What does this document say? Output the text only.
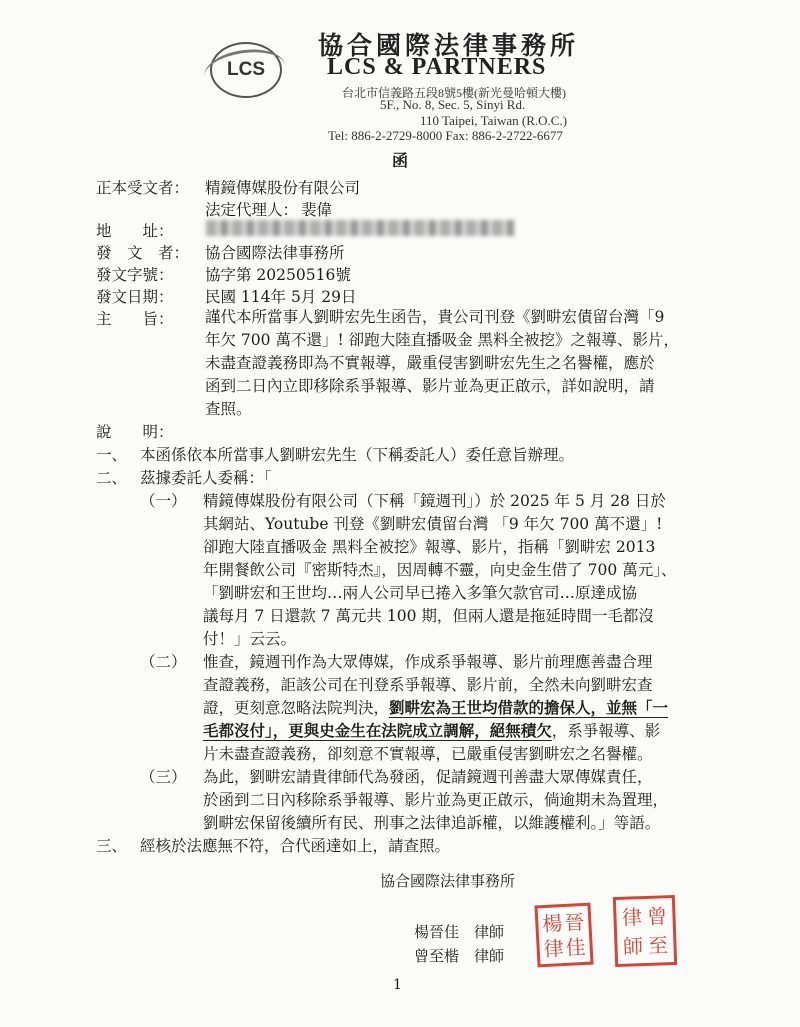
LCS
協合國際法律事務所
LCS & PARTNERS
台北市信義路五段8號5樓(新光曼哈頓大樓)
5F., No. 8, Sec. 5, Sinyi Rd.
110 Taipei, Taiwan (R.O.C.)
Tel: 886-2-2729-8000 Fax: 886-2-2722-6677
函
正本受文者：	精鏡傳媒股份有限公司
法定代理人： 裴偉
地　　址：
發　文　者：	協合國際法律事務所
發文字號：	協字第 20250516號
發文日期：	民國 114年 5月 29日
主　　旨：	謹代本所當事人劉畊宏先生函告，貴公司刊登《劉畊宏債留台灣「9
年欠 700 萬不還」! 卻跑大陸直播吸金 黑料全被挖》之報導、影片，
未盡查證義務即為不實報導，嚴重侵害劉畊宏先生之名譽權，應於
函到二日內立即移除系爭報導、影片並為更正啟示，詳如說明，請
查照。
說　　明：
一、 本函係依本所當事人劉畊宏先生（下稱委託人）委任意旨辦理。
二、 茲據委託人委稱：「
（一） 精鏡傳媒股份有限公司（下稱「鏡週刊」）於 2025 年 5 月 28 日於
其網站、Youtube 刊登《劉畊宏債留台灣 「9 年欠 700 萬不還」!
卻跑大陸直播吸金 黑料全被挖》報導、影片，指稱「劉畊宏 2013
年開餐飲公司『密斯特杰』，因周轉不靈，向史金生借了 700 萬元」、
「劉畊宏和王世均…兩人公司早已捲入多筆欠款官司…原達成協
議每月 7 日還款 7 萬元共 100 期，但兩人還是拖延時間一毛都沒
付！」云云。
（二） 惟查，鏡週刊作為大眾傳媒，作成系爭報導、影片前理應善盡合理
查證義務，詎該公司在刊登系爭報導、影片前，全然未向劉畊宏查
證，更刻意忽略法院判決，劉畊宏為王世均借款的擔保人，並無「一
毛都沒付」，更與史金生在法院成立調解，絕無積欠，系爭報導、影
片未盡查證義務，卻刻意不實報導，已嚴重侵害劉畊宏之名譽權。
（三） 為此，劉畊宏請貴律師代為發函，促請鏡週刊善盡大眾傳媒責任，
於函到二日內移除系爭報導、影片並為更正啟示，倘逾期未為置理，
劉畊宏保留後續所有民、刑事之法律追訴權，以維護權利。」等語。
三、 經核於法應無不符，合代函達如上，請查照。
協合國際法律事務所
楊晉佳　律師
曾至楷　律師
楊 晉
律 佳
律 曾
師 至
1
